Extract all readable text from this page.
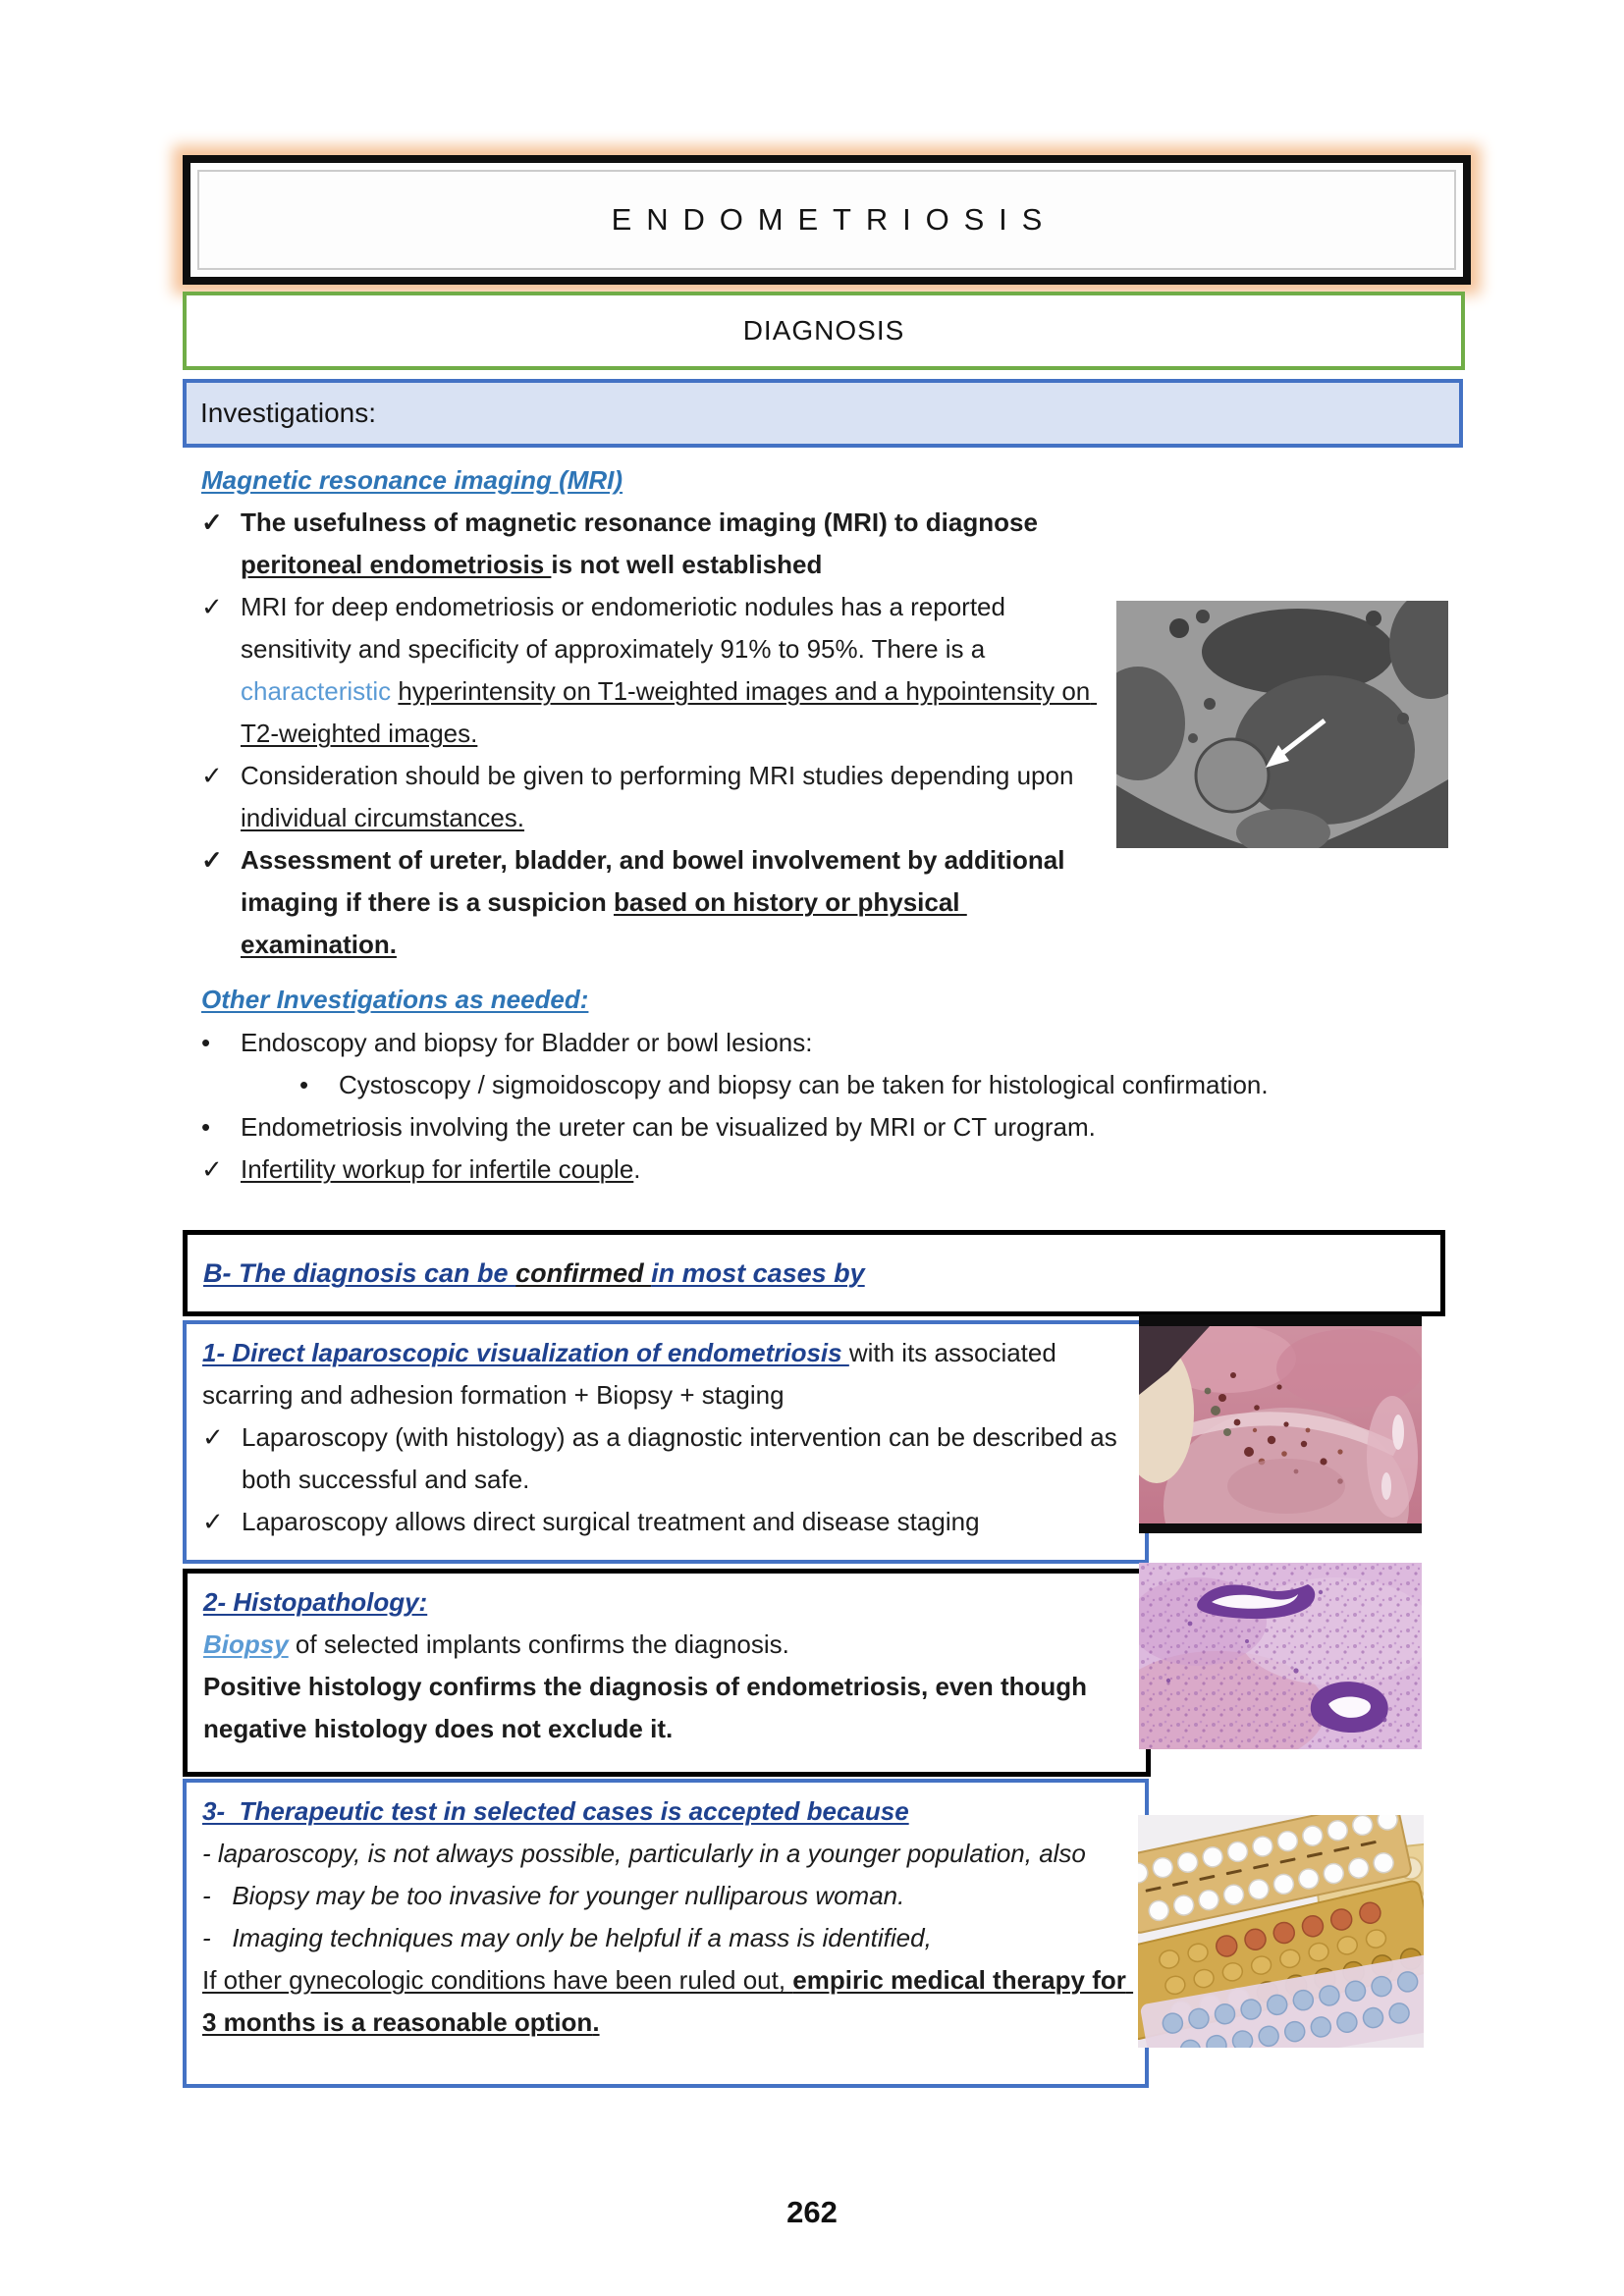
ENDOMETRIOSIS
DIAGNOSIS
Investigations:
Magnetic resonance imaging (MRI)
✓ The usefulness of magnetic resonance imaging (MRI) to diagnose peritoneal endometriosis is not well established
✓ MRI for deep endometriosis or endomeriotic nodules has a reported sensitivity and specificity of approximately 91% to 95%. There is a characteristic hyperintensity on T1-weighted images and a hypointensity on T2-weighted images.
✓ Consideration should be given to performing MRI studies depending upon individual circumstances.
✓ Assessment of ureter, bladder, and bowel involvement by additional imaging if there is a suspicion based on history or physical examination.
Other Investigations as needed:
•	Endoscopy and biopsy for Bladder or bowl lesions:
•	Cystoscopy / sigmoidoscopy and biopsy can be taken for histological confirmation.
•	Endometriosis involving the ureter can be visualized by MRI or CT urogram.
✓ Infertility workup for infertile couple.
B- The diagnosis can be confirmed in most cases by
1- Direct laparoscopic visualization of endometriosis with its associated scarring and adhesion formation + Biopsy + staging
✓ Laparoscopy (with histology) as a diagnostic intervention can be described as both successful and safe.
✓ Laparoscopy allows direct surgical treatment and disease staging
2- Histopathology:
Biopsy of selected implants confirms the diagnosis.
Positive histology confirms the diagnosis of endometriosis, even though negative histology does not exclude it.
3-  Therapeutic test in selected cases is accepted because
- laparoscopy, is not always possible, particularly in a younger population, also
-   Biopsy may be too invasive for younger nulliparous woman.
-   Imaging techniques may only be helpful if a mass is identified,
If other gynecologic conditions have been ruled out, empiric medical therapy for 3 months is a reasonable option.
262
